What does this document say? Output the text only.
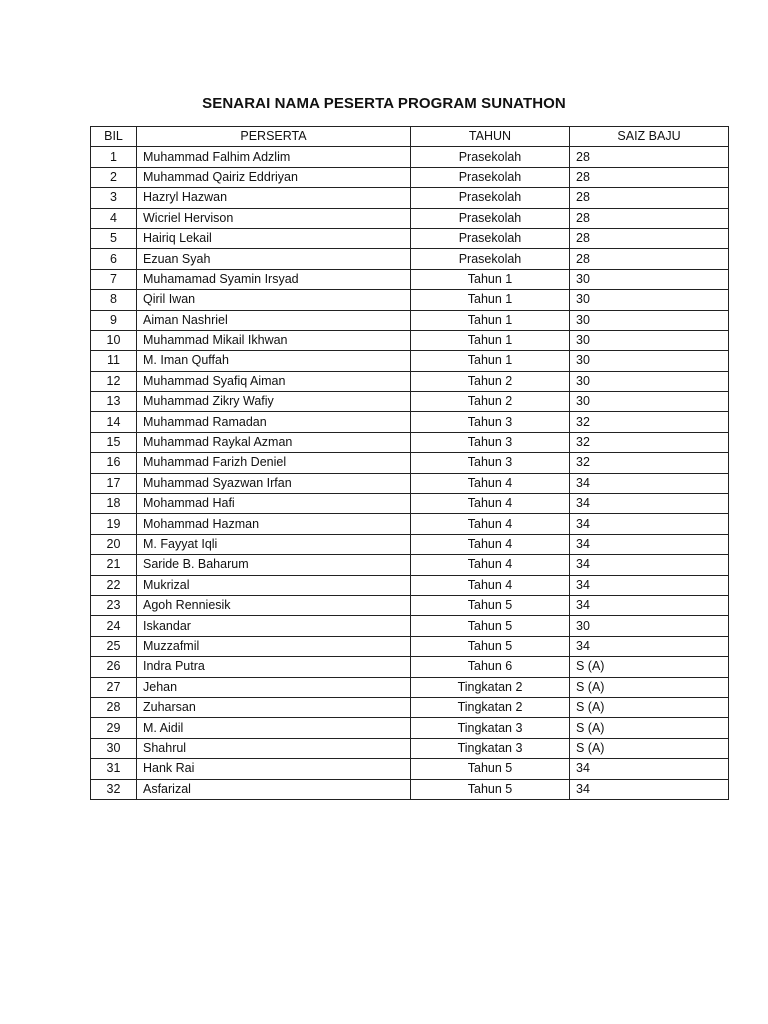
SENARAI NAMA PESERTA PROGRAM SUNATHON
BIL	PERSERTA	TAHUN	SAIZ BAJU
1	Muhammad Falhim Adzlim	Prasekolah	28
2	Muhammad Qairiz Eddriyan	Prasekolah	28
3	Hazryl Hazwan	Prasekolah	28
4	Wicriel Hervison	Prasekolah	28
5	Hairiq Lekail	Prasekolah	28
6	Ezuan Syah	Prasekolah	28
7	Muhamamad Syamin Irsyad	Tahun 1	30
8	Qiril Iwan	Tahun 1	30
9	Aiman Nashriel	Tahun 1	30
10	Muhammad Mikail Ikhwan	Tahun 1	30
11	M. Iman Quffah	Tahun 1	30
12	Muhammad Syafiq Aiman	Tahun 2	30
13	Muhammad Zikry Wafiy	Tahun 2	30
14	Muhammad Ramadan	Tahun 3	32
15	Muhammad Raykal Azman	Tahun 3	32
16	Muhammad Farizh Deniel	Tahun 3	32
17	Muhammad Syazwan Irfan	Tahun 4	34
18	Mohammad Hafi	Tahun 4	34
19	Mohammad Hazman	Tahun 4	34
20	M. Fayyat Iqli	Tahun 4	34
21	Saride B. Baharum	Tahun 4	34
22	Mukrizal	Tahun 4	34
23	Agoh Renniesik	Tahun 5	34
24	Iskandar	Tahun 5	30
25	Muzzafmil	Tahun 5	34
26	Indra Putra	Tahun 6	S (A)
27	Jehan	Tingkatan 2	S (A)
28	Zuharsan	Tingkatan 2	S (A)
29	M. Aidil	Tingkatan 3	S (A)
30	Shahrul	Tingkatan 3	S (A)
31	Hank Rai	Tahun 5	34
32	Asfarizal	Tahun 5	34
